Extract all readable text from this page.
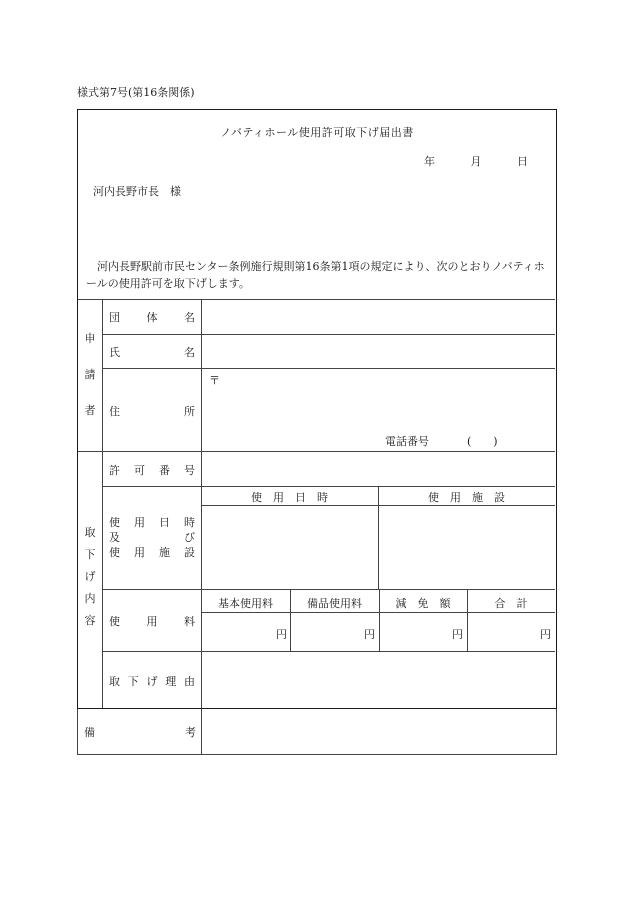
様式第7号(第16条関係)
ノバティホール使用許可取下げ届出書
年	月	日
河内長野市長　様
河内長野駅前市民センター条例施行規則第16条第1項の規定により、次のとおりノバティホールの使用許可を取下げします。
申
請
者
団 体 名
氏	名
住	所
〒
電話番号	(　　)
取
下
げ
内
容
許 可 番 号
使 用 日 時
及	び
使 用 施 設
使　用　日　時	使　用　施　設
使 用 料
基本使用料	備品使用料	減　免　額	合　計
円	円	円	円
取 下 げ 理 由
備	考
